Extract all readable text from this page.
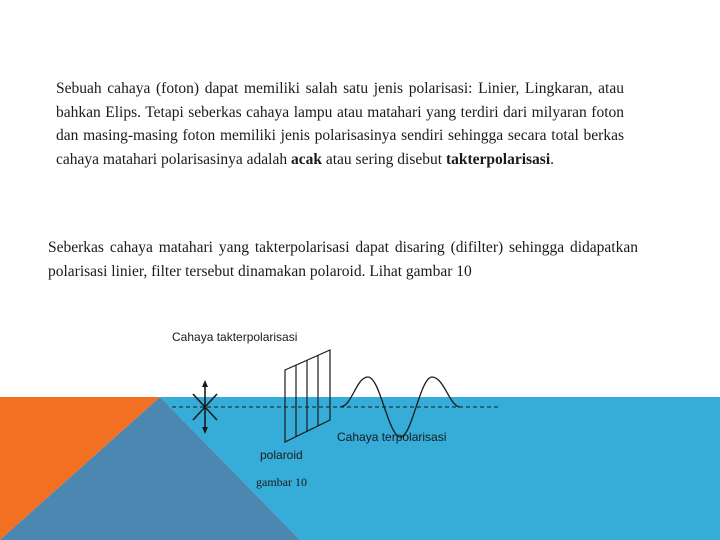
Sebuah cahaya (foton) dapat memiliki salah satu jenis polarisasi: Linier, Lingkaran, atau bahkan Elips. Tetapi seberkas cahaya lampu atau matahari yang terdiri dari milyaran foton dan masing-masing foton memiliki jenis polarisasinya sendiri sehingga secara total berkas cahaya matahari polarisasinya adalah acak atau sering disebut takterpolarisasi.

Seberkas cahaya matahari yang takterpolarisasi dapat disaring (difilter) sehingga didapatkan polarisasi linier, filter tersebut dinamakan polaroid. Lihat gambar 10

Cahaya takterpolarisasi
Cahaya terpolarisasi
polaroid
gambar 10
